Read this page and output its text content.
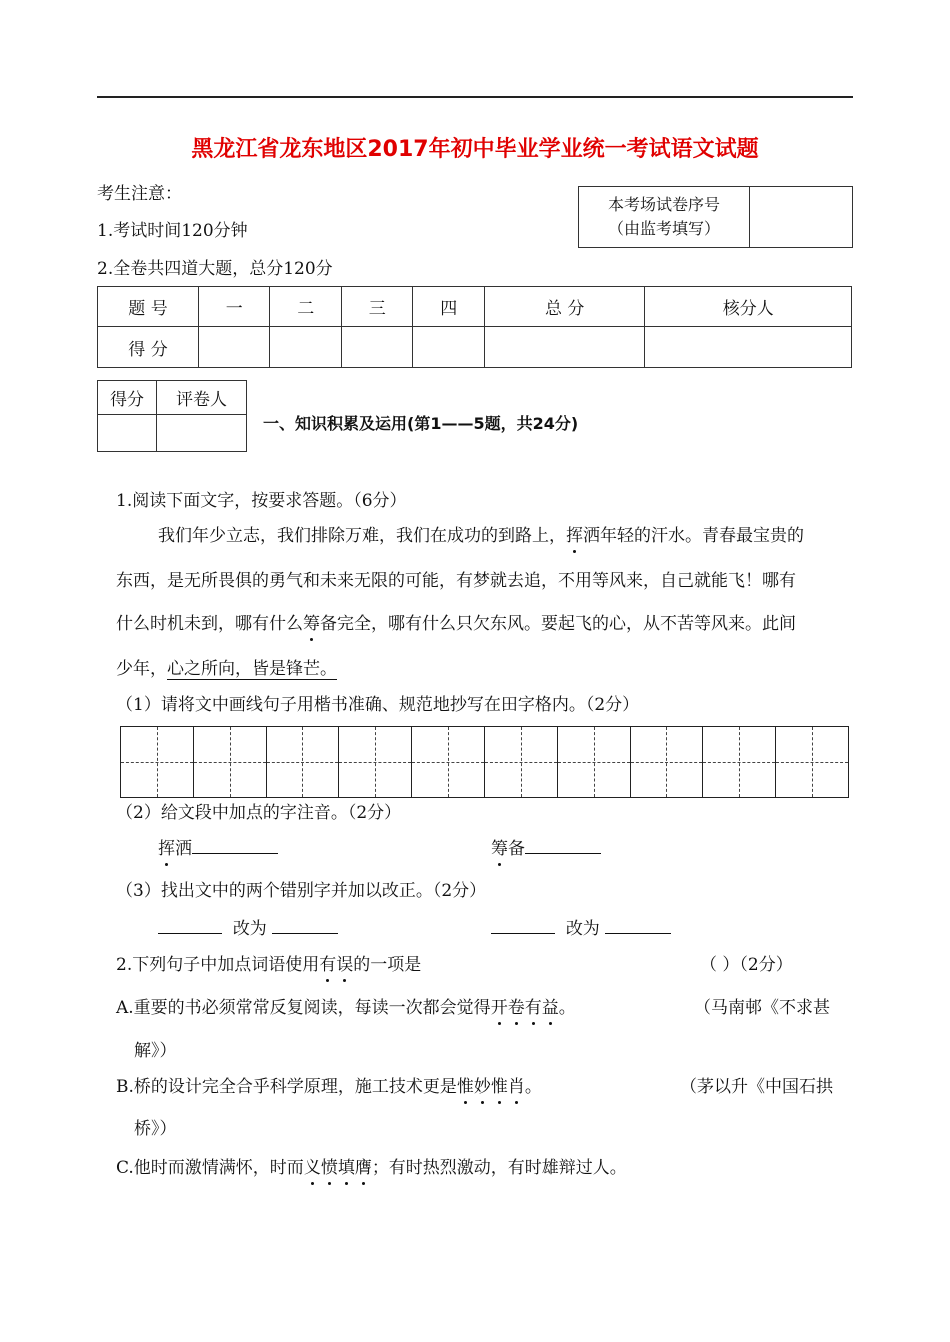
黑龙江省龙东地区2017年初中毕业学业统一考试语文试题
考生注意：
1.考试时间120分钟
2.全卷共四道大题，总分120分
本考场试卷序号
（由监考填写）

题 号	一	二	三	四	总 分	核分人
得 分						
得分	评卷人

一、知识积累及运用(第1——5题，共24分)
1.阅读下面文字，按要求答题。（6分）
我们年少立志，我们排除万难，我们在成功的到路上，挥洒年轻的汗水。青春最宝贵的
东西，是无所畏俱的勇气和未来无限的可能，有梦就去追，不用等风来，自己就能飞！哪有
什么时机未到，哪有什么筹备完全，哪有什么只欠东风。要起飞的心，从不苦等风来。此间
少年，心之所向，皆是锋芒。
（1）请将文中画线句子用楷书准确、规范地抄写在田字格内。（2分）
（2）给文段中加点的字注音。（2分）
挥洒	筹备
（3）找出文中的两个错别字并加以改正。（2分）
改为	改为
2.下列句子中加点词语使用有误的一项是	（ ）（2分）
A.重要的书必须常常反复阅读，每读一次都会觉得开卷有益。	（马南邨《不求甚
解》）
B.桥的设计完全合乎科学原理，施工技术更是惟妙惟肖。	（茅以升《中国石拱
桥》）
C.他时而激情满怀，时而义愤填膺；有时热烈激动，有时雄辩过人。
